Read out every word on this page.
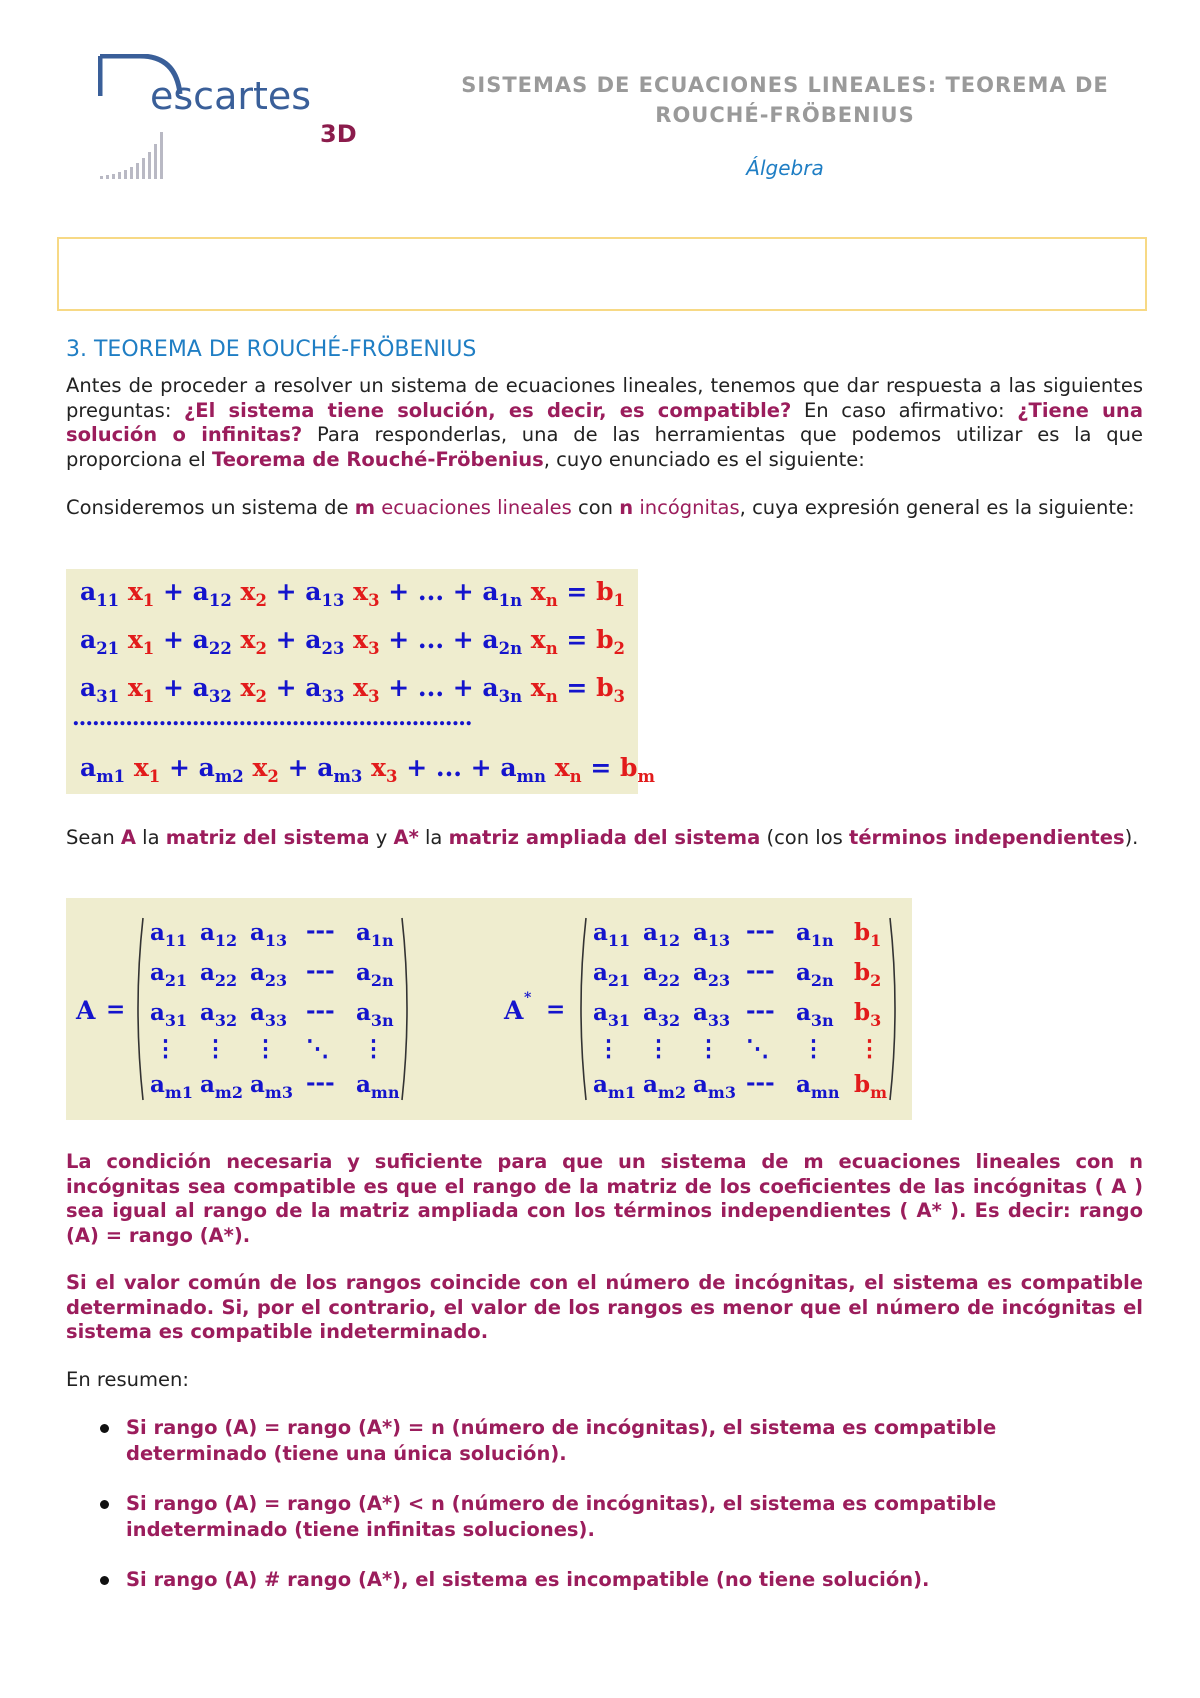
escartes
3D
SISTEMAS DE ECUACIONES LINEALES: TEOREMA DE
ROUCHÉ-FRÖBENIUS
Álgebra
3. TEOREMA DE ROUCHÉ-FRÖBENIUS
Antes de proceder a resolver un sistema de ecuaciones lineales, tenemos que dar respuesta a las siguientes preguntas: ¿El sistema tiene solución, es decir, es compatible? En caso afirmativo: ¿Tiene una solución o infinitas? Para responderlas, una de las herramientas que podemos utilizar es la que proporciona el Teorema de Rouché-Fröbenius, cuyo enunciado es el siguiente:
Consideremos un sistema de m ecuaciones lineales con n incógnitas, cuya expresión general es la siguiente:
$a_{11}$ $x_1 + a_{12}$ $x_2 + a_{13}$ $x_3$ + ... + $a_{1n}$ $x_n = b_1$
$a_{21}$ $x_1 + a_{22}$ $x_2 + a_{23}$ $x_3$ + ... + $a_{2n}$ $x_n = b_2$
$a_{31}$ $x_1 + a_{32}$ $x_2 + a_{33}$ $x_3$ + ... + $a_{3n}$ $x_n = b_3$
............................................................
$a_{m1}$ $x_1 + a_{m2}$ $x_2 + a_{m3}$ $x_3$ + ... + $a_{mn}$ $x_n = b_m$
Sean A la matriz del sistema y A* la matriz ampliada del sistema (con los términos independientes).
A =
$a_{11}$ $a_{12}$ $a_{13}$ --- $a_{1n}$
$a_{21}$ $a_{22}$ $a_{23}$ --- $a_{2n}$
$a_{31}$ $a_{32}$ $a_{33}$ --- $a_{3n}$
⋮ ⋮ ⋮ ⋱ ⋮
$a_{m1}$ $a_{m2}$ $a_{m3}$ --- $a_{mn}$
A * =
$a_{11}$ $a_{12}$ $a_{13}$ --- $a_{1n}$
$a_{21}$ $a_{22}$ $a_{23}$ --- $a_{2n}$
$a_{31}$ $a_{32}$ $a_{33}$ --- $a_{3n}$
⋮ ⋮ ⋮ ⋱ ⋮
$a_{m1}$ $a_{m2}$ $a_{m3}$ --- $a_{mn}$
$b_1$
$b_2$
$b_3$
⋮
$b_m$
La condición necesaria y suficiente para que un sistema de m ecuaciones lineales con n incógnitas sea compatible es que el rango de la matriz de los coeficientes de las incógnitas ( A ) sea igual al rango de la matriz ampliada con los términos independientes ( A* ). Es decir: rango (A) = rango (A*).
Si el valor común de los rangos coincide con el número de incógnitas, el sistema es compatible determinado. Si, por el contrario, el valor de los rangos es menor que el número de incógnitas el sistema es compatible indeterminado.
En resumen:
Si rango (A) = rango (A*) = n (número de incógnitas), el sistema es compatible
determinado (tiene una única solución).
Si rango (A) = rango (A*) < n (número de incógnitas), el sistema es compatible
indeterminado (tiene infinitas soluciones).
Si rango (A) # rango (A*), el sistema es incompatible (no tiene solución).
